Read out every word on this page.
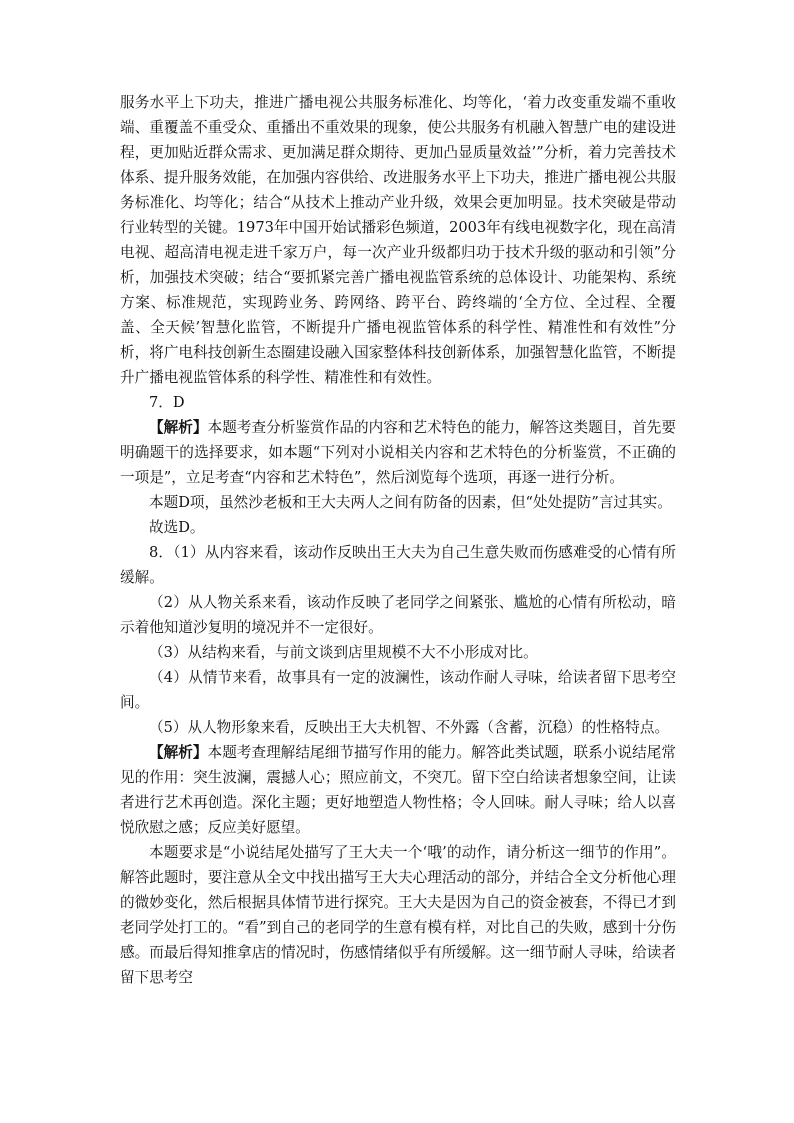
服务水平上下功夫，推进广播电视公共服务标准化、均等化，‘着力改变重发端不重收端、重覆盖不重受众、重播出不重效果的现象，使公共服务有机融入智慧广电的建设进程，更加贴近群众需求、更加满足群众期待、更加凸显质量效益’”分析，着力完善技术体系、提升服务效能，在加强内容供给、改进服务水平上下功夫，推进广播电视公共服务标准化、均等化；结合“从技术上推动产业升级，效果会更加明显。技术突破是带动行业转型的关键。1973年中国开始试播彩色频道，2003年有线电视数字化，现在高清电视、超高清电视走进千家万户，每一次产业升级都归功于技术升级的驱动和引领”分析，加强技术突破；结合“要抓紧完善广播电视监管系统的总体设计、功能架构、系统方案、标准规范，实现跨业务、跨网络、跨平台、跨终端的‘全方位、全过程、全覆盖、全天候’智慧化监管，不断提升广播电视监管体系的科学性、精准性和有效性”分析，将广电科技创新生态圈建设融入国家整体科技创新体系，加强智慧化监管，不断提升广播电视监管体系的科学性、精准性和有效性。

7．D

【解析】本题考查分析鉴赏作品的内容和艺术特色的能力，解答这类题目，首先要明确题干的选择要求，如本题“下列对小说相关内容和艺术特色的分析鉴赏，不正确的一项是”，立足考查“内容和艺术特色”，然后浏览每个选项，再逐一进行分析。

本题D项，虽然沙老板和王大夫两人之间有防备的因素，但“处处提防”言过其实。

故选D。

8．（1）从内容来看，该动作反映出王大夫为自己生意失败而伤感难受的心情有所缓解。

（2）从人物关系来看，该动作反映了老同学之间紧张、尴尬的心情有所松动，暗示着他知道沙复明的境况并不一定很好。

（3）从结构来看，与前文谈到店里规模不大不小形成对比。

（4）从情节来看，故事具有一定的波澜性，该动作耐人寻味，给读者留下思考空间。

（5）从人物形象来看，反映出王大夫机智、不外露（含蓄，沉稳）的性格特点。

【解析】本题考查理解结尾细节描写作用的能力。解答此类试题，联系小说结尾常见的作用：突生波澜，震撼人心；照应前文，不突兀。留下空白给读者想象空间，让读者进行艺术再创造。深化主题；更好地塑造人物性格；令人回味。耐人寻味；给人以喜悦欣慰之感；反应美好愿望。

本题要求是“小说结尾处描写了王大夫一个‘哦’的动作，请分析这一细节的作用”。解答此题时，要注意从全文中找出描写王大夫心理活动的部分，并结合全文分析他心理的微妙变化，然后根据具体情节进行探究。王大夫是因为自己的资金被套，不得已才到老同学处打工的。“看”到自己的老同学的生意有模有样，对比自己的失败，感到十分伤感。而最后得知推拿店的情况时，伤感情绪似乎有所缓解。这一细节耐人寻味，给读者留下思考空
